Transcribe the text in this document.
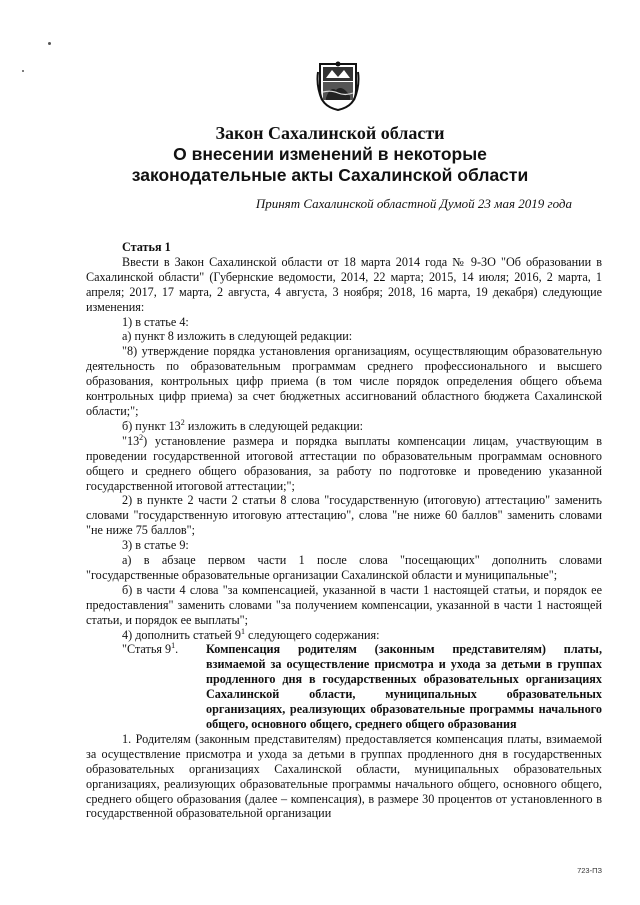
Закон Сахалинской области
О внесении изменений в некоторые
законодательные акты Сахалинской области
Принят Сахалинской областной Думой 23 мая 2019 года

Статья 1

Ввести в Закон Сахалинской области от 18 марта 2014 года № 9-ЗО "Об образовании в Сахалинской области" (Губернские ведомости, 2014, 22 марта; 2015, 14 июля; 2016, 2 марта, 1 апреля; 2017, 17 марта, 2 августа, 4 августа, 3 ноября; 2018, 16 марта, 19 декабря) следующие изменения:

1) в статье 4:

а) пункт 8 изложить в следующей редакции:

"8) утверждение порядка установления организациям, осуществляющим образовательную деятельность по образовательным программам среднего профессионального и высшего образования, контрольных цифр приема (в том числе порядок определения общего объема контрольных цифр приема) за счет бюджетных ассигнований областного бюджета Сахалинской области;";

б) пункт $13^2$ изложить в следующей редакции:

"$13^2$) установление размера и порядка выплаты компенсации лицам, участвующим в проведении государственной итоговой аттестации по образовательным программам основного общего и среднего общего образования, за работу по подготовке и проведению указанной государственной итоговой аттестации;";

2) в пункте 2 части 2 статьи 8 слова "государственную (итоговую) аттестацию" заменить словами "государственную итоговую аттестацию", слова "не ниже 60 баллов" заменить словами "не ниже 75 баллов";

3) в статье 9:

а) в абзаце первом части 1 после слова "посещающих" дополнить словами "государственные образовательные организации Сахалинской области и муниципальные";

б) в части 4 слова "за компенсацией, указанной в части 1 настоящей статьи, и порядок ее предоставления" заменить словами "за получением компенсации, указанной в части 1 настоящей статьи, и порядок ее выплаты";

4) дополнить статьей $9^1$ следующего содержания:

"Статья $9^1$.	Компенсация родителям (законным представителям) платы, взимаемой за осуществление присмотра и ухода за детьми в группах продленного дня в государственных образовательных организациях Сахалинской области, муниципальных образовательных организациях, реализующих образовательные программы начального общего, основного общего, среднего общего образования

1. Родителям (законным представителям) предоставляется компенсация платы, взимаемой за осуществление присмотра и ухода за детьми в группах продленного дня в государственных образовательных организациях Сахалинской области, муниципальных образовательных организациях, реализующих образовательные программы начального общего, основного общего, среднего общего образования (далее – компенсация), в размере 30 процентов от установленного в государственной образовательной организации

723-ПЗ
